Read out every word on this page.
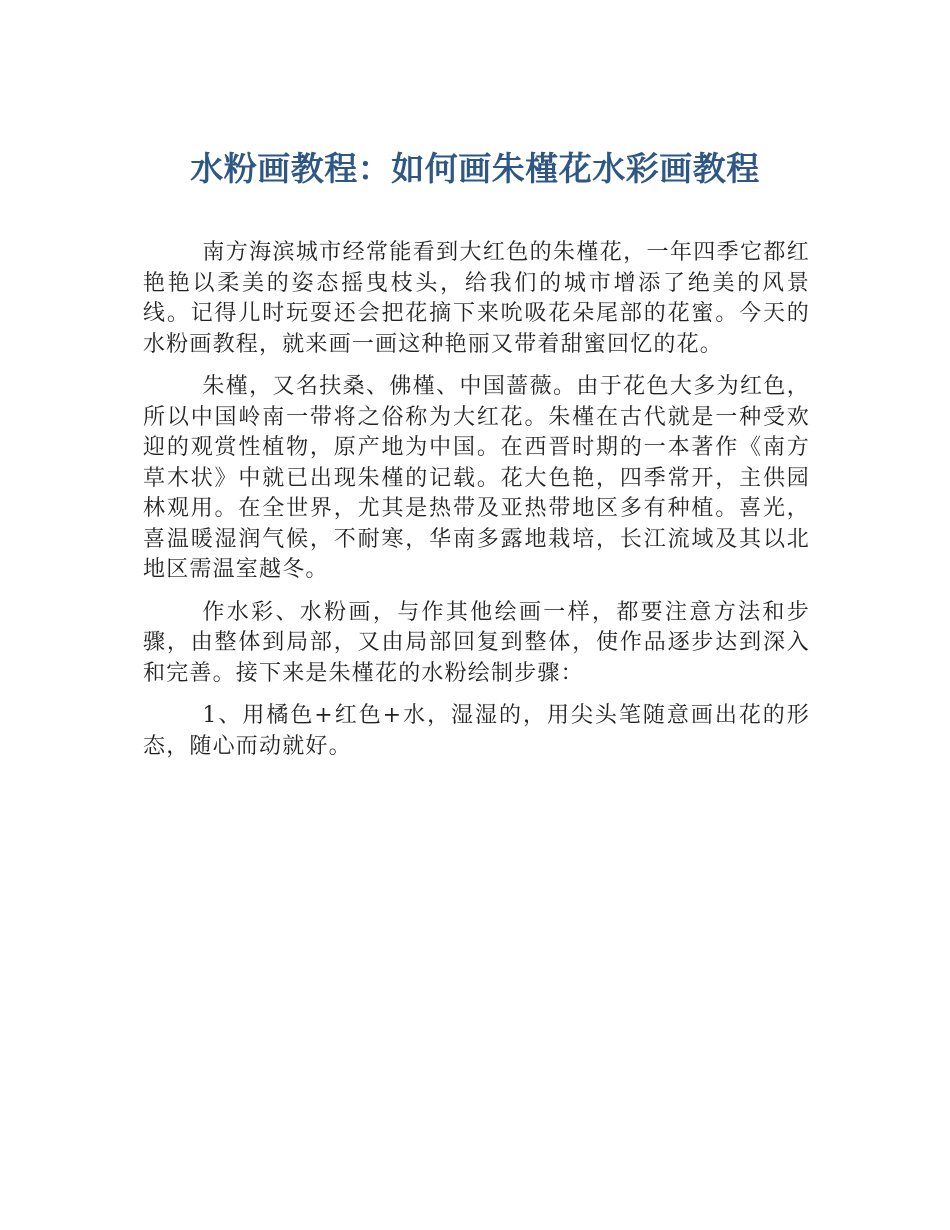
水粉画教程：如何画朱槿花水彩画教程

南方海滨城市经常能看到大红色的朱槿花，一年四季它都红艳艳以柔美的姿态摇曳枝头，给我们的城市增添了绝美的风景线。记得儿时玩耍还会把花摘下来吮吸花朵尾部的花蜜。今天的水粉画教程，就来画一画这种艳丽又带着甜蜜回忆的花。

朱槿，又名扶桑、佛槿、中国蔷薇。由于花色大多为红色，所以中国岭南一带将之俗称为大红花。朱槿在古代就是一种受欢迎的观赏性植物，原产地为中国。在西晋时期的一本著作《南方草木状》中就已出现朱槿的记载。花大色艳，四季常开，主供园林观用。在全世界，尤其是热带及亚热带地区多有种植。喜光，喜温暖湿润气候，不耐寒，华南多露地栽培，长江流域及其以北地区需温室越冬。

作水彩、水粉画，与作其他绘画一样，都要注意方法和步骤，由整体到局部，又由局部回复到整体，使作品逐步达到深入和完善。接下来是朱槿花的水粉绘制步骤：

1、用橘色+红色+水，湿湿的，用尖头笔随意画出花的形态，随心而动就好。
